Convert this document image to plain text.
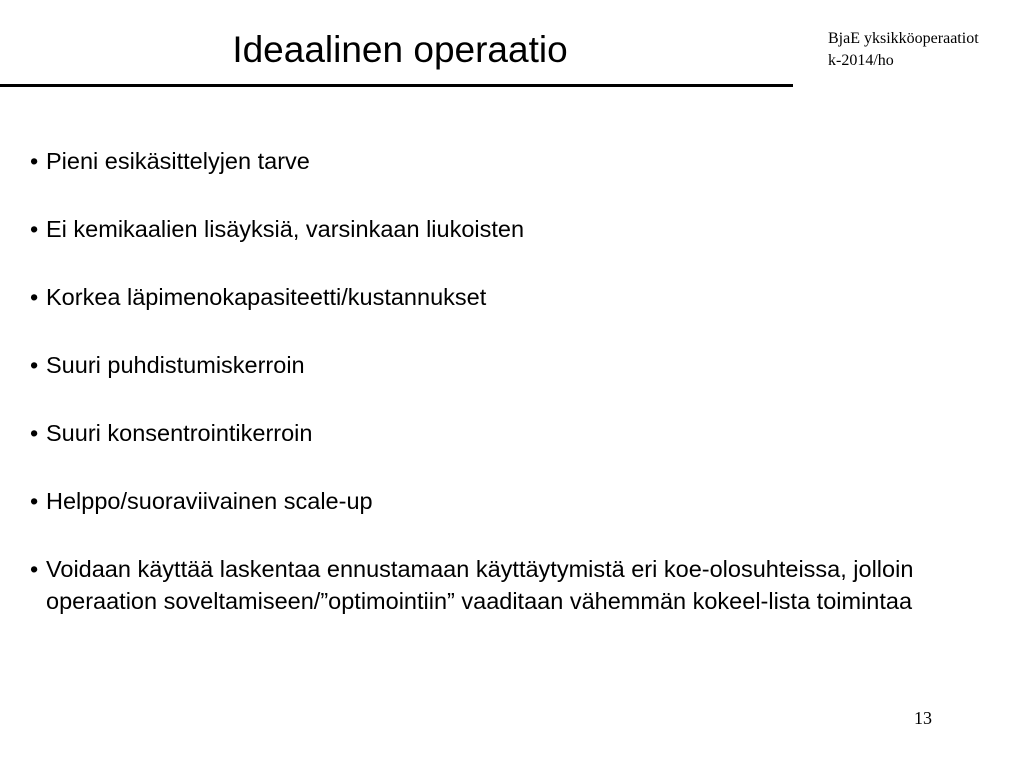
Ideaalinen operaatio	BjaE yksikköoperaatiot
k-2014/ho
• Pieni esikäsittelyjen tarve
• Ei kemikaalien lisäyksiä, varsinkaan liukoisten
• Korkea läpimenokapasiteetti/kustannukset
• Suuri puhdistumiskerroin
• Suuri konsentrointikerroin
• Helppo/suoraviivainen scale-up
• Voidaan käyttää laskentaa ennustamaan käyttäytymistä eri koe-olosuhteissa, jolloin operaation soveltamiseen/”optimointiin” vaaditaan vähemmän kokeel-lista toimintaa
13
